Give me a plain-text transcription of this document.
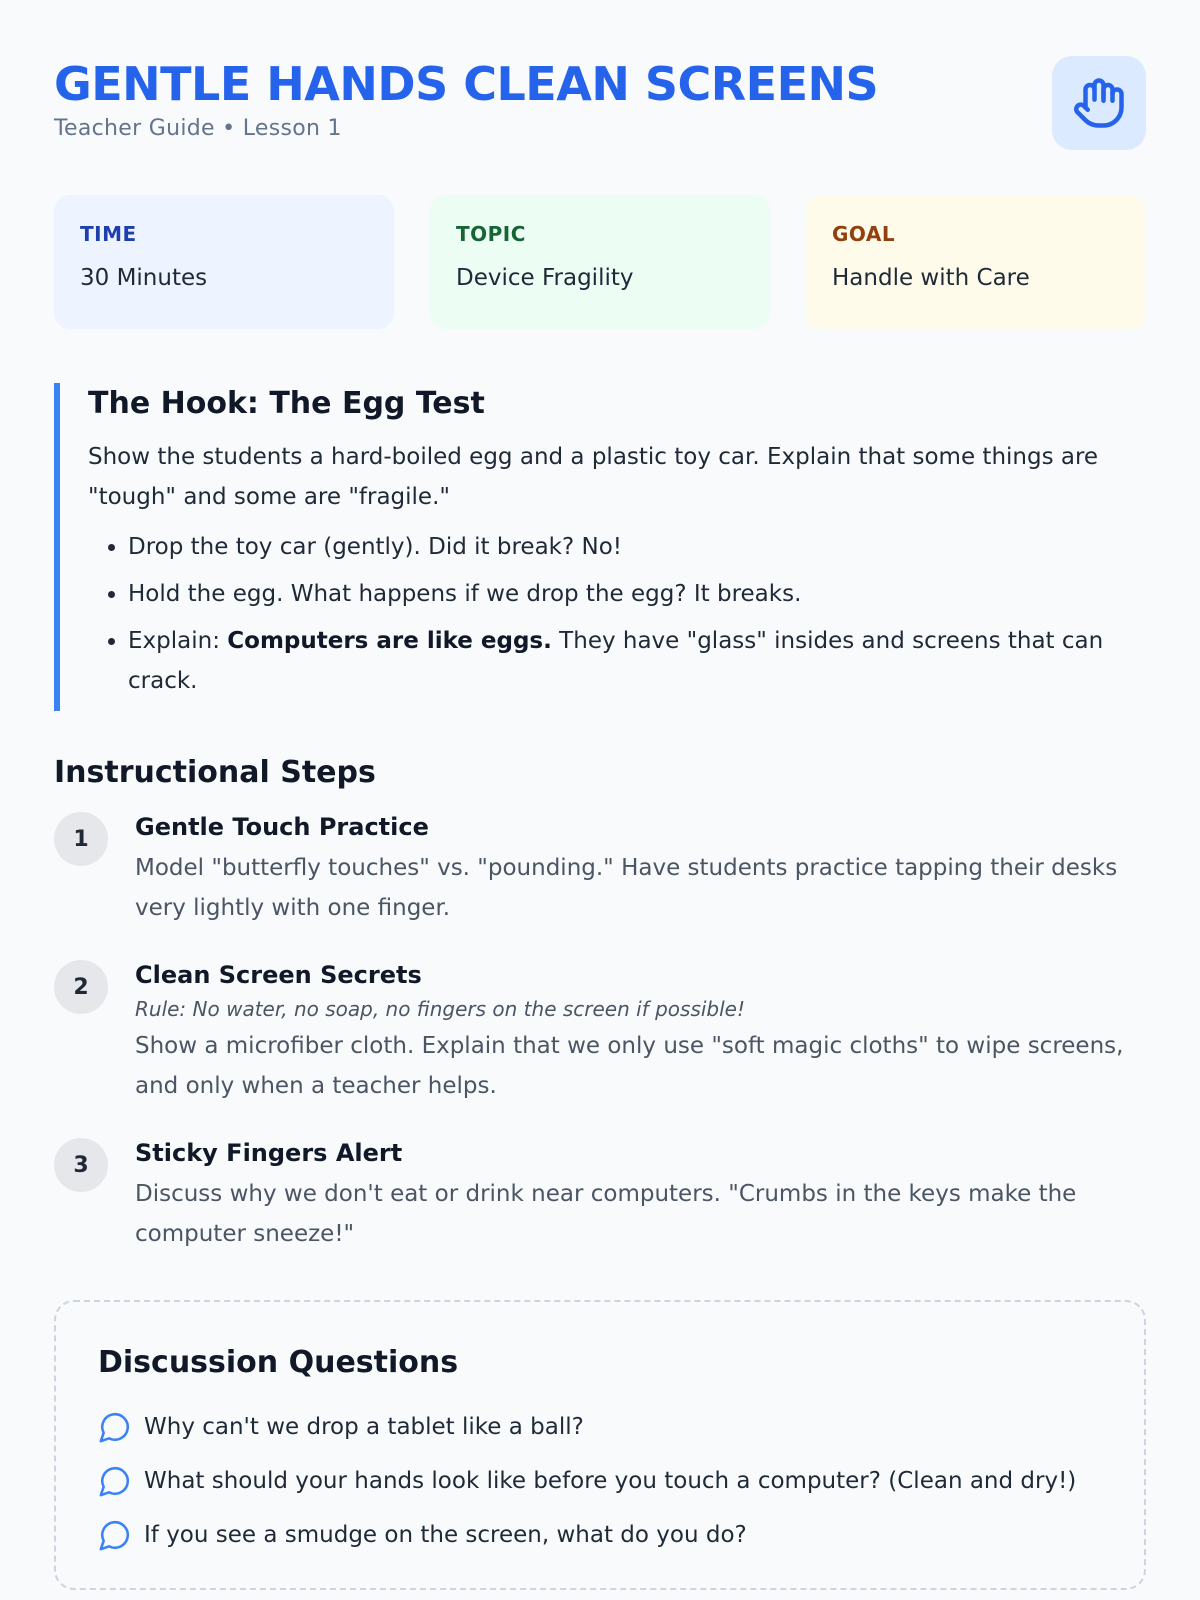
GENTLE HANDS CLEAN SCREENS
Teacher Guide • Lesson 1
TIME
30 Minutes
TOPIC
Device Fragility
GOAL
Handle with Care
The Hook: The Egg Test
Show the students a hard-boiled egg and a plastic toy car. Explain that some things are "tough" and some are "fragile."
• Drop the toy car (gently). Did it break? No!
• Hold the egg. What happens if we drop the egg? It breaks.
• Explain: Computers are like eggs. They have "glass" insides and screens that can crack.
Instructional Steps
1	Gentle Touch Practice
Model "butterfly touches" vs. "pounding." Have students practice tapping their desks very lightly with one finger.
2	Clean Screen Secrets
Rule: No water, no soap, no fingers on the screen if possible!
Show a microfiber cloth. Explain that we only use "soft magic cloths" to wipe screens, and only when a teacher helps.
3	Sticky Fingers Alert
Discuss why we don't eat or drink near computers. "Crumbs in the keys make the computer sneeze!"
Discussion Questions
Why can't we drop a tablet like a ball?
What should your hands look like before you touch a computer? (Clean and dry!)
If you see a smudge on the screen, what do you do?
